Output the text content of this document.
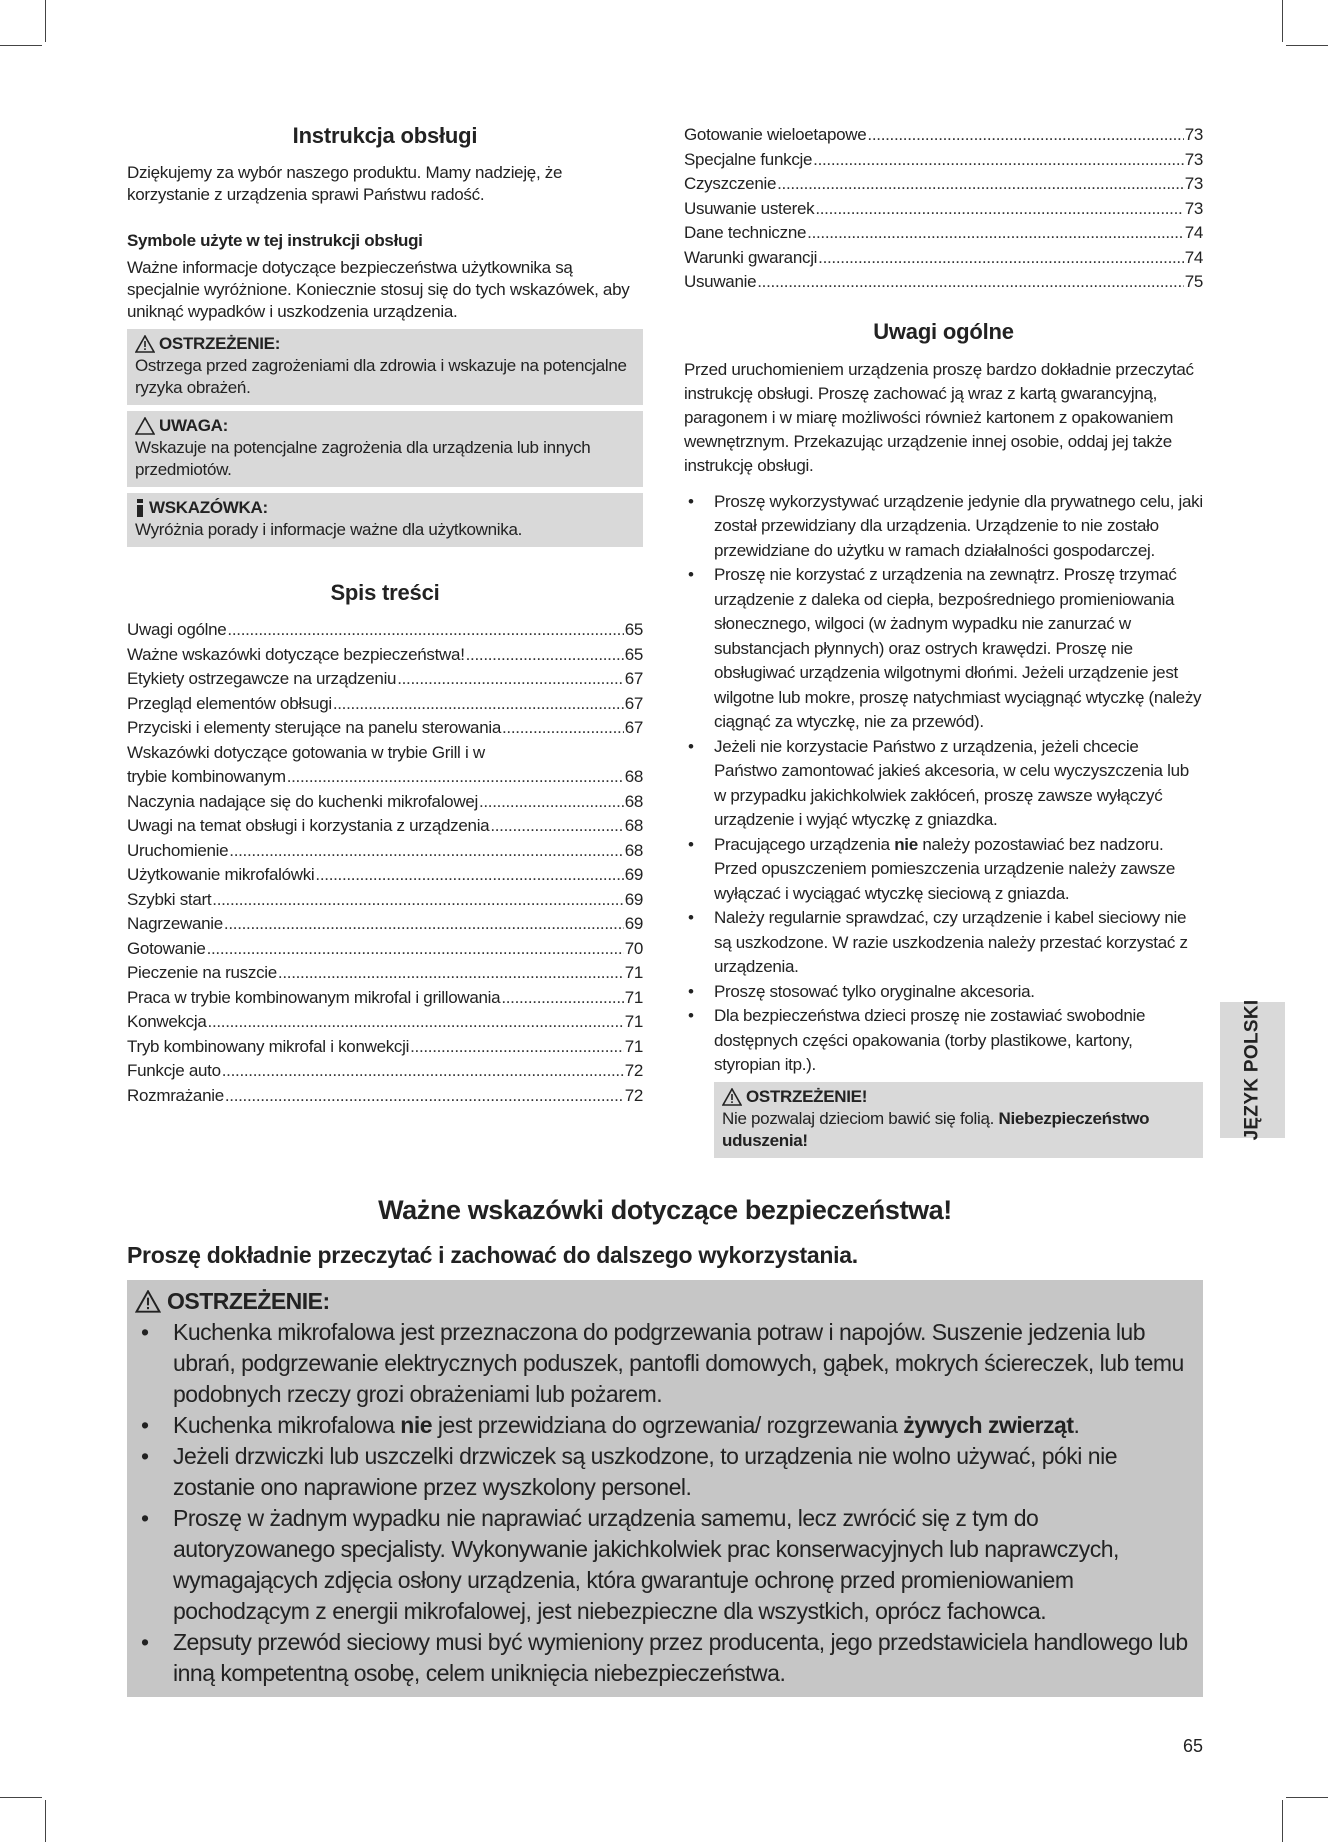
Instrukcja obsługi

Dziękujemy za wybór naszego produktu. Mamy nadzieję, że korzystanie z urządzenia sprawi Państwu radość.

Symbole użyte w tej instrukcji obsługi

Ważne informacje dotyczące bezpieczeństwa użytkownika są specjalnie wyróżnione. Koniecznie stosuj się do tych wskazówek, aby uniknąć wypadków i uszkodzenia urządzenia.

OSTRZEŻENIE:

Ostrzega przed zagrożeniami dla zdrowia i wskazuje na potencjalne ryzyka obrażeń.

UWAGA:

Wskazuje na potencjalne zagrożenia dla urządzenia lub innych przedmiotów.

WSKAZÓWKA:

Wyróżnia porady i informacje ważne dla użytkownika.

Spis treści
Uwagi ogólne .....	65
Ważne wskazówki dotyczące bezpieczeństwa! .....	65
Etykiety ostrzegawcze na urządzeniu .....	67
Przegląd elementów obłsugi .....	67
Przyciski i elementy sterujące na panelu sterowania .....	67
Wskazówki dotyczące gotowania w trybie Grill i w
trybie kombinowanym .....	68
Naczynia nadające się do kuchenki mikrofalowej .....	68
Uwagi na temat obsługi i korzystania z urządzenia .....	68
Uruchomienie .....	68
Użytkowanie mikrofalówki .....	69
Szybki start .....	69
Nagrzewanie .....	69
Gotowanie .....	70
Pieczenie na ruszcie .....	71
Praca w trybie kombinowanym mikrofal i grillowania .....	71
Konwekcja .....	71
Tryb kombinowany mikrofal i konwekcji .....	71
Funkcje auto .....	72
Rozmrażanie .....	72
Gotowanie wieloetapowe .....	73
Specjalne funkcje .....	73
Czyszczenie .....	73
Usuwanie usterek .....	73
Dane techniczne .....	74
Warunki gwarancji .....	74
Usuwanie .....	75
Uwagi ogólne

Przed uruchomieniem urządzenia proszę bardzo dokładnie przeczytać instrukcję obsługi. Proszę zachować ją wraz z kartą gwarancyjną, paragonem i w miarę możliwości również kartonem z opakowaniem wewnętrznym. Przekazując urządzenie innej osobie, oddaj jej także instrukcję obsługi.

• Proszę wykorzystywać urządzenie jedynie dla prywatnego celu, jaki został przewidziany dla urządzenia. Urządzenie to nie zostało przewidziane do użytku w ramach działalności gospodarczej.
• Proszę nie korzystać z urządzenia na zewnątrz. Proszę trzymać urządzenie z daleka od ciepła, bezpośredniego promieniowania słonecznego, wilgoci (w żadnym wypadku nie zanurzać w substancjach płynnych) oraz ostrych krawędzi. Proszę nie obsługiwać urządzenia wilgotnymi dłońmi. Jeżeli urządzenie jest wilgotne lub mokre, proszę natychmiast wyciągnąć wtyczkę (należy ciągnąć za wtyczkę, nie za przewód).
• Jeżeli nie korzystacie Państwo z urządzenia, jeżeli chcecie Państwo zamontować jakieś akcesoria, w celu wyczyszczenia lub w przypadku jakichkolwiek zakłóceń, proszę zawsze wyłączyć urządzenie i wyjąć wtyczkę z gniazdka.
• Pracującego urządzenia nie należy pozostawiać bez nadzoru. Przed opuszczeniem pomieszczenia urządzenie należy zawsze wyłączać i wyciągać wtyczkę sieciową z gniazda.
• Należy regularnie sprawdzać, czy urządzenie i kabel sieciowy nie są uszkodzone. W razie uszkodzenia należy przestać korzystać z urządzenia.
• Proszę stosować tylko oryginalne akcesoria.
• Dla bezpieczeństwa dzieci proszę nie zostawiać swobodnie dostępnych części opakowania (torby plastikowe, kartony, styropian itp.).
OSTRZEŻENIE!

Nie pozwalaj dzieciom bawić się folią. Niebezpieczeństwo uduszenia!	JĘZYK POLSKI
Ważne wskazówki dotyczące bezpieczeństwa!
Proszę dokładnie przeczytać i zachować do dalszego wykorzystania.
OSTRZEŻENIE:
• Kuchenka mikrofalowa jest przeznaczona do podgrzewania potraw i napojów. Suszenie jedzenia lub ubrań, podgrzewanie elektrycznych poduszek, pantofli domowych, gąbek, mokrych ściereczek, lub temu podobnych rzeczy grozi obrażeniami lub pożarem.
• Kuchenka mikrofalowa nie jest przewidziana do ogrzewania/ rozgrzewania żywych zwierząt.
• Jeżeli drzwiczki lub uszczelki drzwiczek są uszkodzone, to urządzenia nie wolno używać, póki nie zostanie ono naprawione przez wyszkolony personel.
• Proszę w żadnym wypadku nie naprawiać urządzenia samemu, lecz zwrócić się z tym do autoryzowanego specjalisty. Wykonywanie jakichkolwiek prac konserwacyjnych lub naprawczych, wymagających zdjęcia osłony urządzenia, która gwarantuje ochronę przed promieniowaniem pochodzącym z energii mikrofalowej, jest niebezpieczne dla wszystkich, oprócz fachowca.
• Zepsuty przewód sieciowy musi być wymieniony przez producenta, jego przedstawiciela handlowego lub inną kompetentną osobę, celem uniknięcia niebezpieczeństwa.
65
